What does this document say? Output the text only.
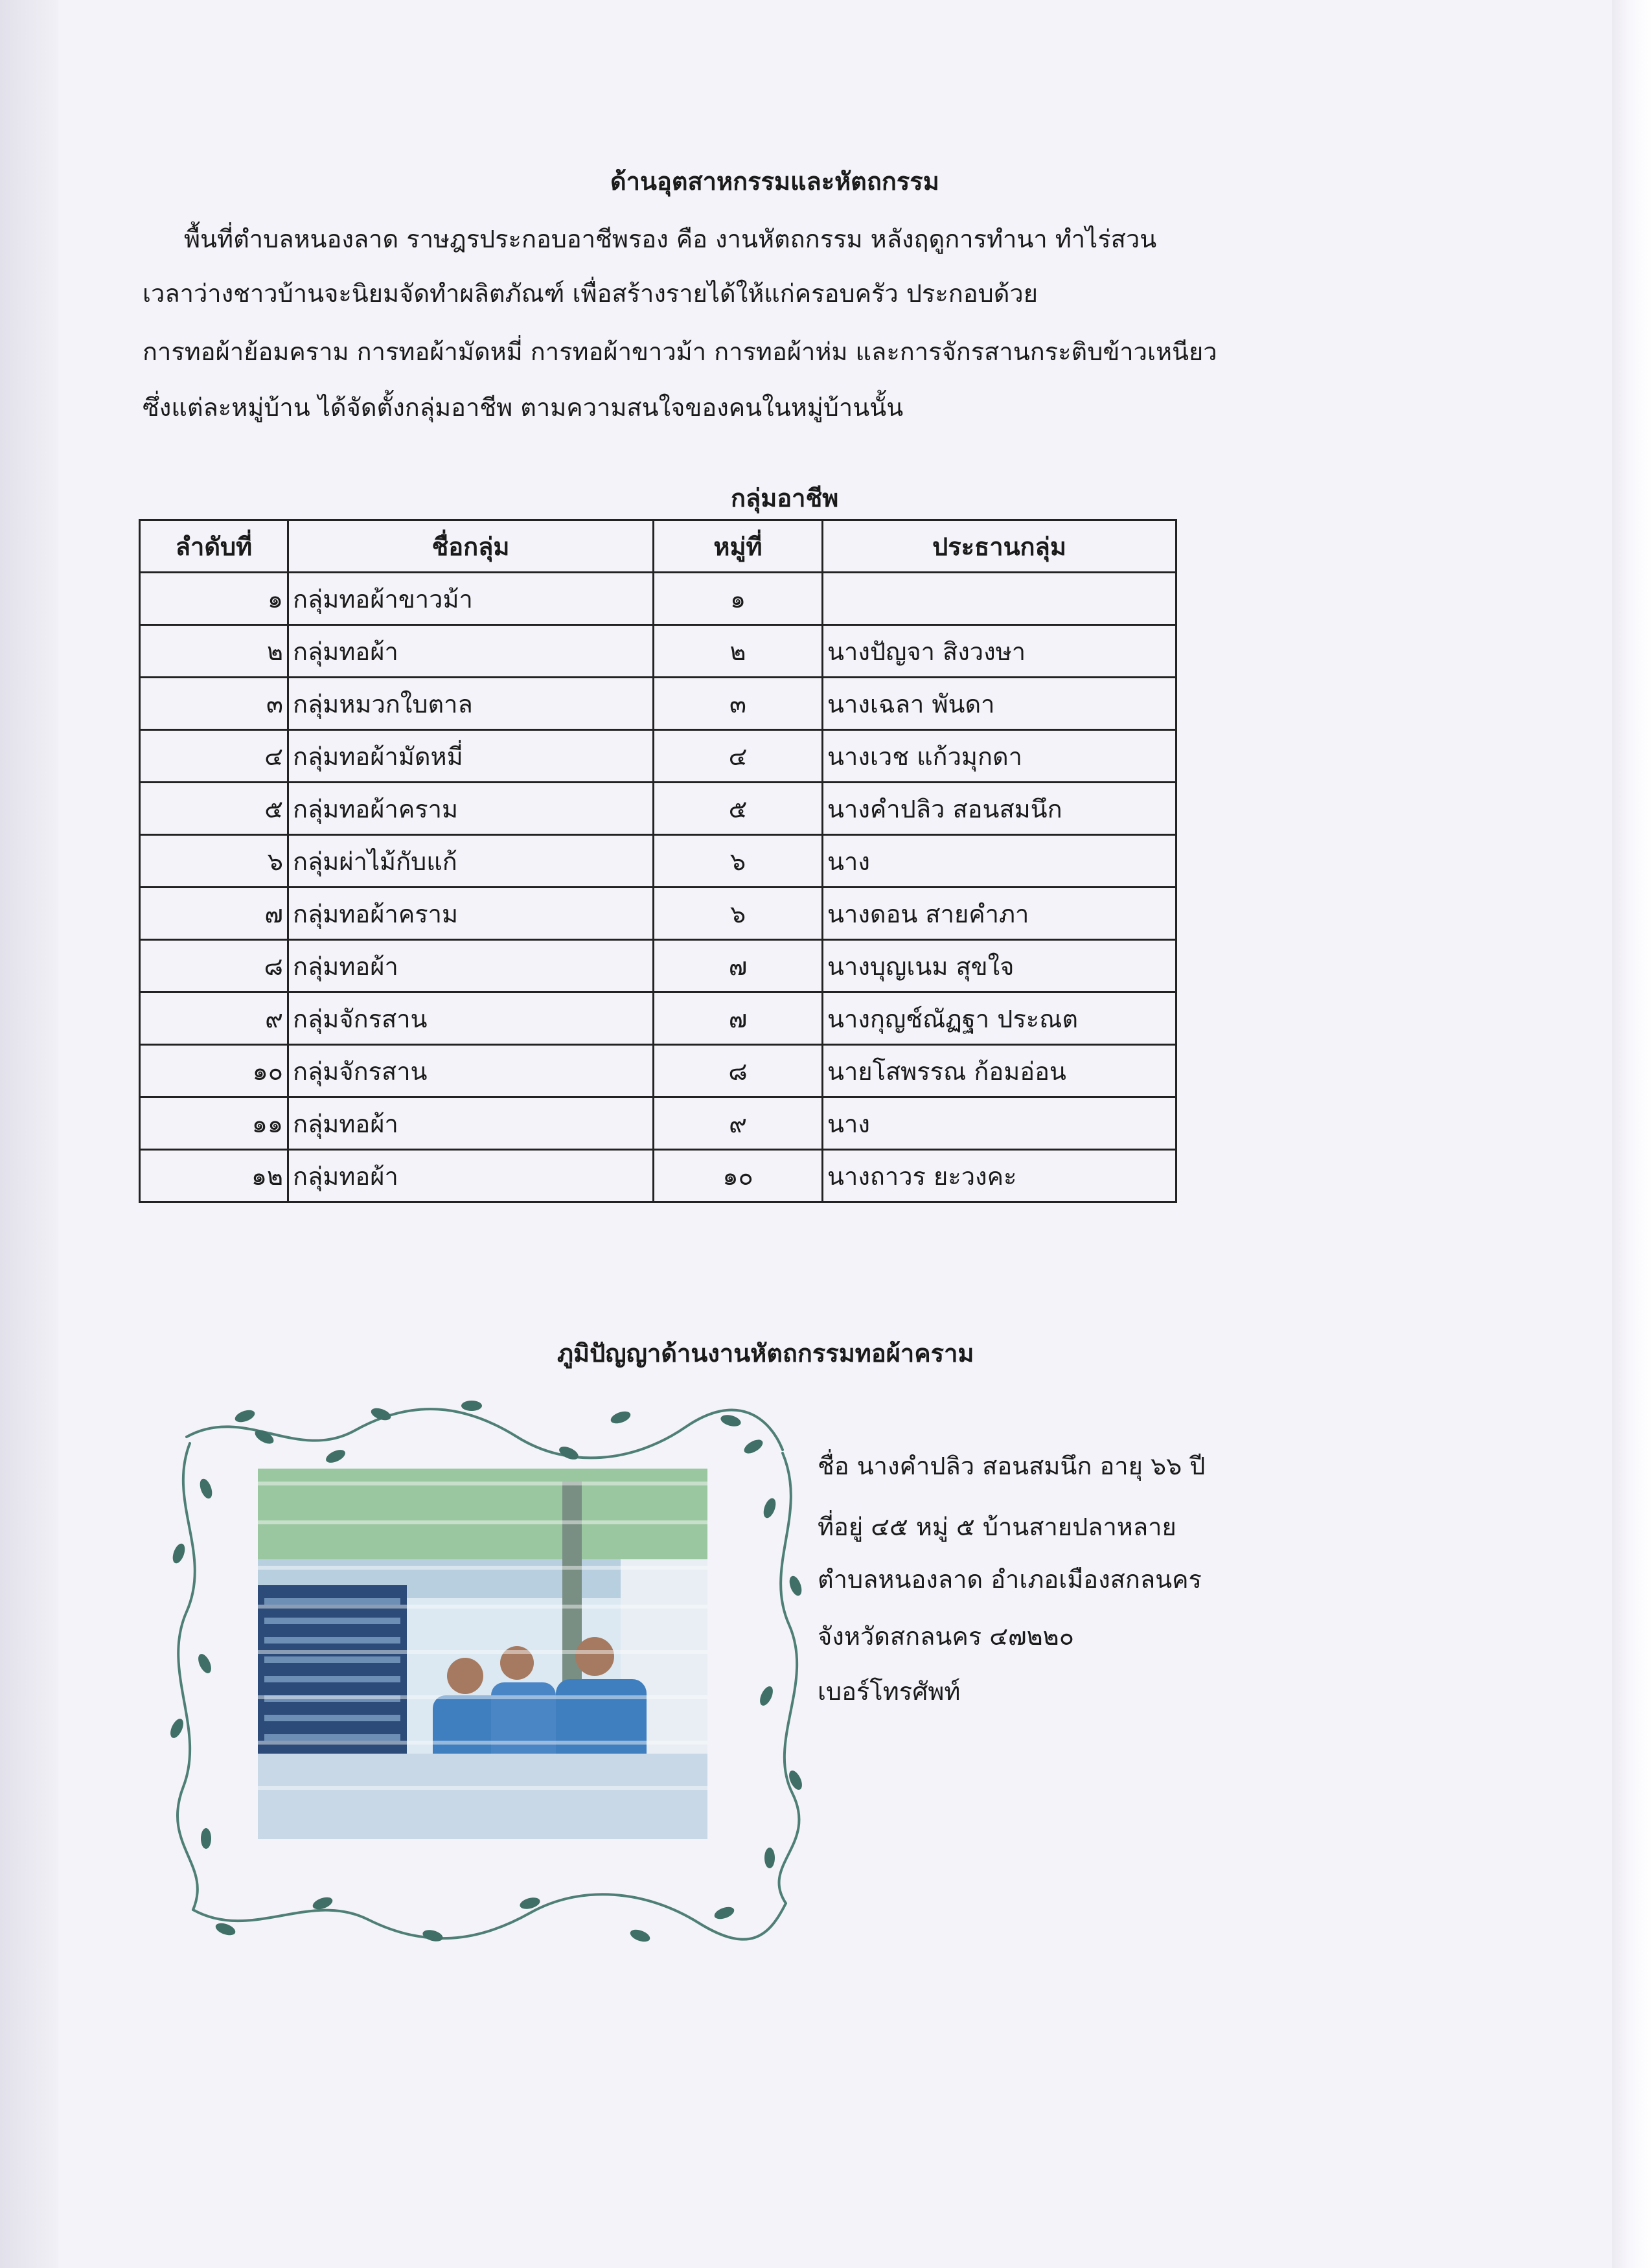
ด้านอุตสาหกรรมและหัตถกรรม
พื้นที่ตำบลหนองลาด ราษฎรประกอบอาชีพรอง คือ งานหัตถกรรม หลังฤดูการทำนา ทำไร่สวน
เวลาว่างชาวบ้านจะนิยมจัดทำผลิตภัณฑ์ เพื่อสร้างรายได้ให้แก่ครอบครัว ประกอบด้วย
การทอผ้าย้อมคราม การทอผ้ามัดหมี่ การทอผ้าขาวม้า การทอผ้าห่ม และการจักรสานกระติบข้าวเหนียว
ซึ่งแต่ละหมู่บ้าน ได้จัดตั้งกลุ่มอาชีพ ตามความสนใจของคนในหมู่บ้านนั้น
กลุ่มอาชีพ
ลำดับที่	ชื่อกลุ่ม	หมู่ที่	ประธานกลุ่ม
๑	กลุ่มทอผ้าขาวม้า	๑	
๒	กลุ่มทอผ้า	๒	นางปัญจา สิงวงษา
๓	กลุ่มหมวกใบตาล	๓	นางเฉลา พันดา
๔	กลุ่มทอผ้ามัดหมี่	๔	นางเวช แก้วมุกดา
๕	กลุ่มทอผ้าคราม	๕	นางคำปลิว สอนสมนึก
๖	กลุ่มผ่าไม้กับแก้	๖	นาง
๗	กลุ่มทอผ้าคราม	๖	นางดอน สายคำภา
๘	กลุ่มทอผ้า	๗	นางบุญเนม สุขใจ
๙	กลุ่มจักรสาน	๗	นางกุญช์ณัฏฐา ประณต
๑๐	กลุ่มจักรสาน	๘	นายโสพรรณ ก้อมอ่อน
๑๑	กลุ่มทอผ้า	๙	นาง
๑๒	กลุ่มทอผ้า	๑๐	นางถาวร ยะวงคะ
ภูมิปัญญาด้านงานหัตถกรรมทอผ้าคราม
ชื่อ นางคำปลิว สอนสมนึก อายุ ๖๖ ปี
ที่อยู่ ๔๕ หมู่ ๕ บ้านสายปลาหลาย
ตำบลหนองลาด อำเภอเมืองสกลนคร
จังหวัดสกลนคร ๔๗๒๒๐
เบอร์โทรศัพท์
